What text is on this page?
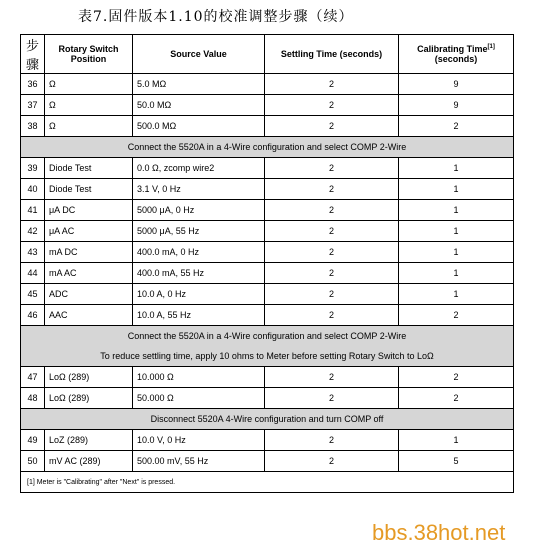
表7.固件版本1.10的校准调整步骤（续）
步骤	Rotary Switch Position	Source Value	Settling Time (seconds)	Calibrating Time[1]
(seconds)
36	Ω	5.0 MΩ	2	9
37	Ω	50.0 MΩ	2	9
38	Ω	500.0 MΩ	2	2
Connect the 5520A in a 4-Wire configuration and select COMP 2-Wire				
39	Diode Test	0.0 Ω, zcomp wire2	2	1
40	Diode Test	3.1 V, 0 Hz	2	1
41	μA DC	5000 μA, 0 Hz	2	1
42	μA AC	5000 μA, 55 Hz	2	1
43	mA DC	400.0 mA, 0 Hz	2	1
44	mA AC	400.0 mA, 55 Hz	2	1
45	ADC	10.0 A, 0 Hz	2	1
46	AAC	10.0 A, 55 Hz	2	2
Connect the 5520A in a 4-Wire configuration and select COMP 2-Wire				
To reduce settling time, apply 10 ohms to Meter before setting Rotary Switch to LoΩ				
47	LoΩ (289)	10.000 Ω	2	2
48	LoΩ (289)	50.000 Ω	2	2
Disconnect 5520A 4-Wire configuration and turn COMP off				
49	LoZ (289)	10.0 V, 0 Hz	2	1
50	mV AC (289)	500.00 mV, 55 Hz	2	5
[1] Meter is "Calibrating" after "Next" is pressed.				
bbs.38hot.net
